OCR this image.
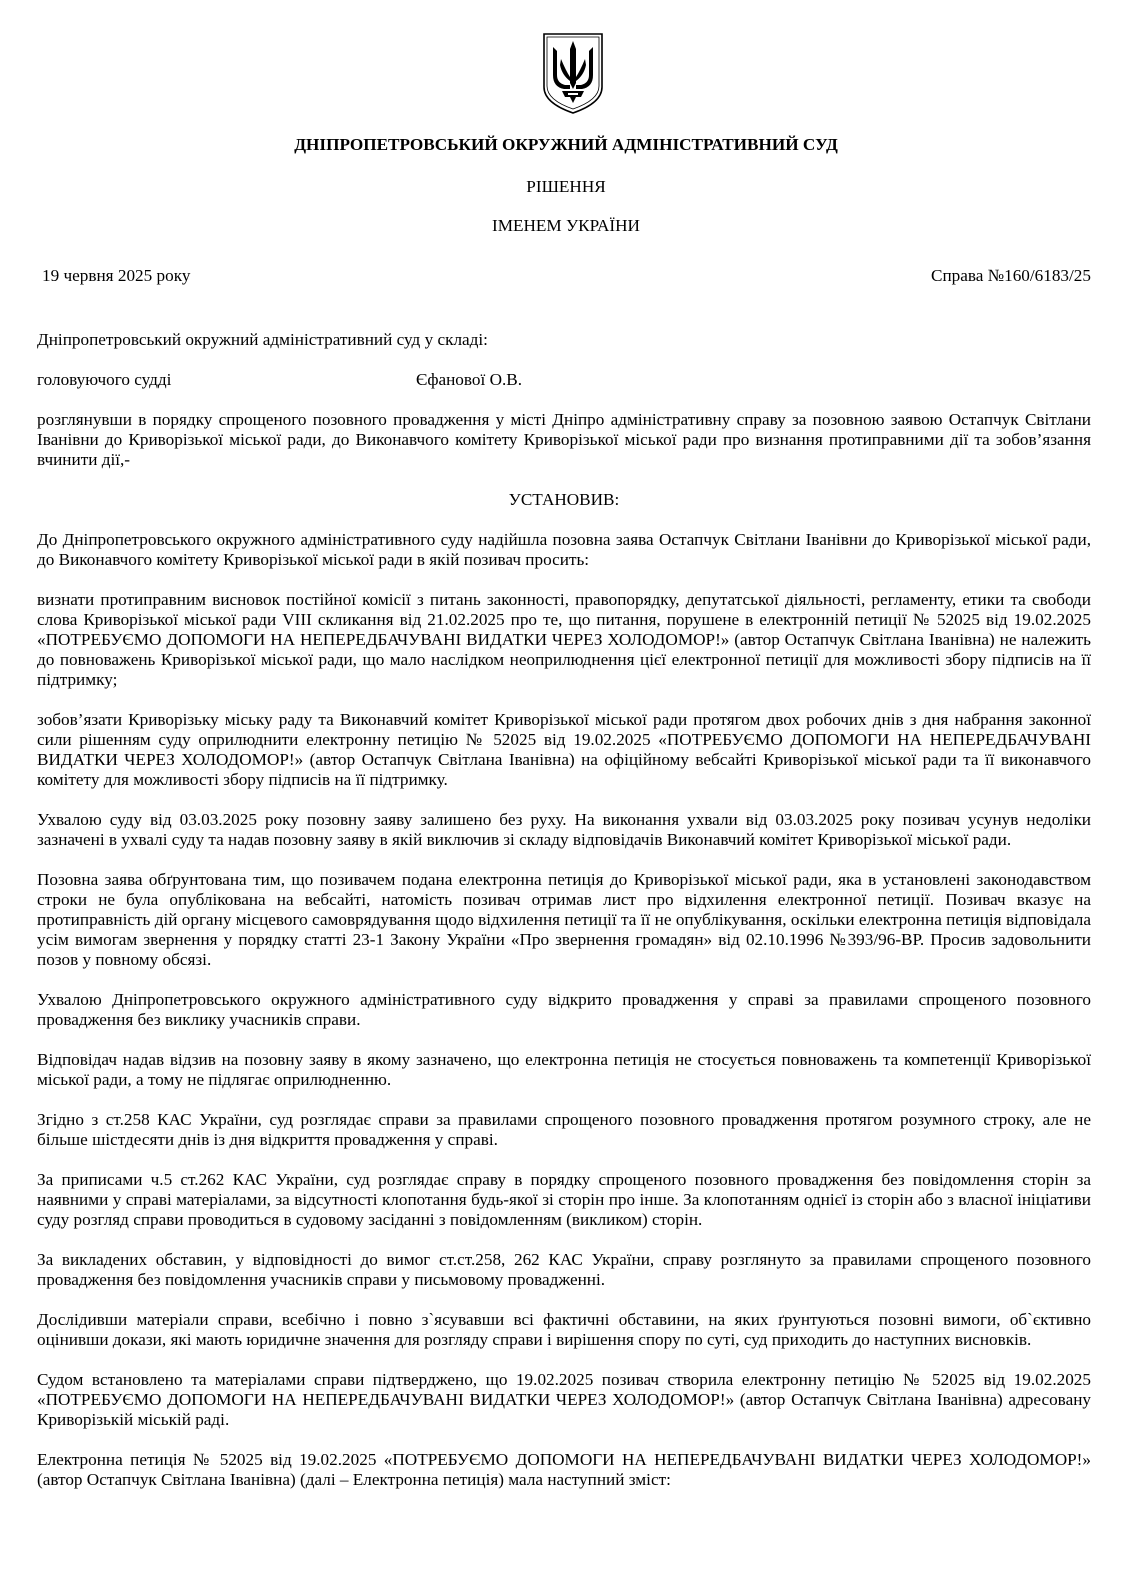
ДНІПРОПЕТРОВСЬКИЙ ОКРУЖНИЙ АДМІНІСТРАТИВНИЙ СУД
РІШЕННЯ
ІМЕНЕМ УКРАЇНИ
19 червня 2025 року	Справа №160/6183/25

Дніпропетровський окружний адміністративний суд у складі:

головуючого судді	Єфанової О.В.

розглянувши в порядку спрощеного позовного провадження у місті Дніпро адміністративну справу за позовною заявою Остапчук Світлани Іванівни до Криворізької міської ради, до Виконавчого комітету Криворізької міської ради про визнання протиправними дії та зобов’язання вчинити дії,-

УСТАНОВИВ:

До Дніпропетровського окружного адміністративного суду надійшла позовна заява Остапчук Світлани Іванівни до Криворізької міської ради, до Виконавчого комітету Криворізької міської ради в якій позивач просить:

визнати протиправним висновок постійної комісії з питань законності, правопорядку, депутатської діяльності, регламенту, етики та свободи слова Криворізької міської ради VIII скликання від 21.02.2025 про те, що питання, порушене в електронній петиції № 52025 від 19.02.2025 «ПОТРЕБУЄМО ДОПОМОГИ НА НЕПЕРЕДБАЧУВАНІ ВИДАТКИ ЧЕРЕЗ ХОЛОДОМОР!» (автор Остапчук Світлана Іванівна) не належить до повноважень Криворізької міської ради, що мало наслідком неоприлюднення цієї електронної петиції для можливості збору підписів на її підтримку;

зобов’язати Криворізьку міську раду та Виконавчий комітет Криворізької міської ради протягом двох робочих днів з дня набрання законної сили рішенням суду оприлюднити електронну петицію № 52025 від 19.02.2025 «ПОТРЕБУЄМО ДОПОМОГИ НА НЕПЕРЕДБАЧУВАНІ ВИДАТКИ ЧЕРЕЗ ХОЛОДОМОР!» (автор Остапчук Світлана Іванівна) на офіційному вебсайті Криворізької міської ради та її виконавчого комітету для можливості збору підписів на її підтримку.

Ухвалою суду від 03.03.2025 року позовну заяву залишено без руху. На виконання ухвали від 03.03.2025 року позивач усунув недоліки зазначені в ухвалі суду та надав позовну заяву в якій виключив зі складу відповідачів Виконавчий комітет Криворізької міської ради.

Позовна заява обґрунтована тим, що позивачем подана електронна петиція до Криворізької міської ради, яка в установлені законодавством строки не була опублікована на вебсайті, натомість позивач отримав лист про відхилення електронної петиції. Позивач вказує на протиправність дій органу місцевого самоврядування щодо відхилення петиції та її не опублікування, оскільки електронна петиція відповідала усім вимогам звернення у порядку статті 23-1 Закону України «Про звернення громадян» від 02.10.1996 №393/96-ВР. Просив задовольнити позов у повному обсязі.

Ухвалою Дніпропетровського окружного адміністративного суду відкрито провадження у справі за правилами спрощеного позовного провадження без виклику учасників справи.

Відповідач надав відзив на позовну заяву в якому зазначено, що електронна петиція не стосується повноважень та компетенції Криворізької міської ради, а тому не підлягає оприлюдненню.

Згідно з ст.258 КАС України, суд розглядає справи за правилами спрощеного позовного провадження протягом розумного строку, але не більше шістдесяти днів із дня відкриття провадження у справі.

За приписами ч.5 ст.262 КАС України, суд розглядає справу в порядку спрощеного позовного провадження без повідомлення сторін за наявними у справі матеріалами, за відсутності клопотання будь-якої зі сторін про інше. За клопотанням однієї із сторін або з власної ініціативи суду розгляд справи проводиться в судовому засіданні з повідомленням (викликом) сторін.

За викладених обставин, у відповідності до вимог ст.ст.258, 262 КАС України, справу розглянуто за правилами спрощеного позовного провадження без повідомлення учасників справи у письмовому провадженні.

Дослідивши матеріали справи, всебічно і повно з`ясувавши всі фактичні обставини, на яких ґрунтуються позовні вимоги, об`єктивно оцінивши докази, які мають юридичне значення для розгляду справи і вирішення спору по суті, суд приходить до наступних висновків.

Судом встановлено та матеріалами справи підтверджено, що 19.02.2025 позивач створила електронну петицію № 52025 від 19.02.2025 «ПОТРЕБУЄМО ДОПОМОГИ НА НЕПЕРЕДБАЧУВАНІ ВИДАТКИ ЧЕРЕЗ ХОЛОДОМОР!» (автор Остапчук Світлана Іванівна) адресовану Криворізькій міській раді.

Електронна петиція № 52025 від 19.02.2025 «ПОТРЕБУЄМО ДОПОМОГИ НА НЕПЕРЕДБАЧУВАНІ ВИДАТКИ ЧЕРЕЗ ХОЛОДОМОР!» (автор Остапчук Світлана Іванівна) (далі – Електронна петиція) мала наступний зміст:
